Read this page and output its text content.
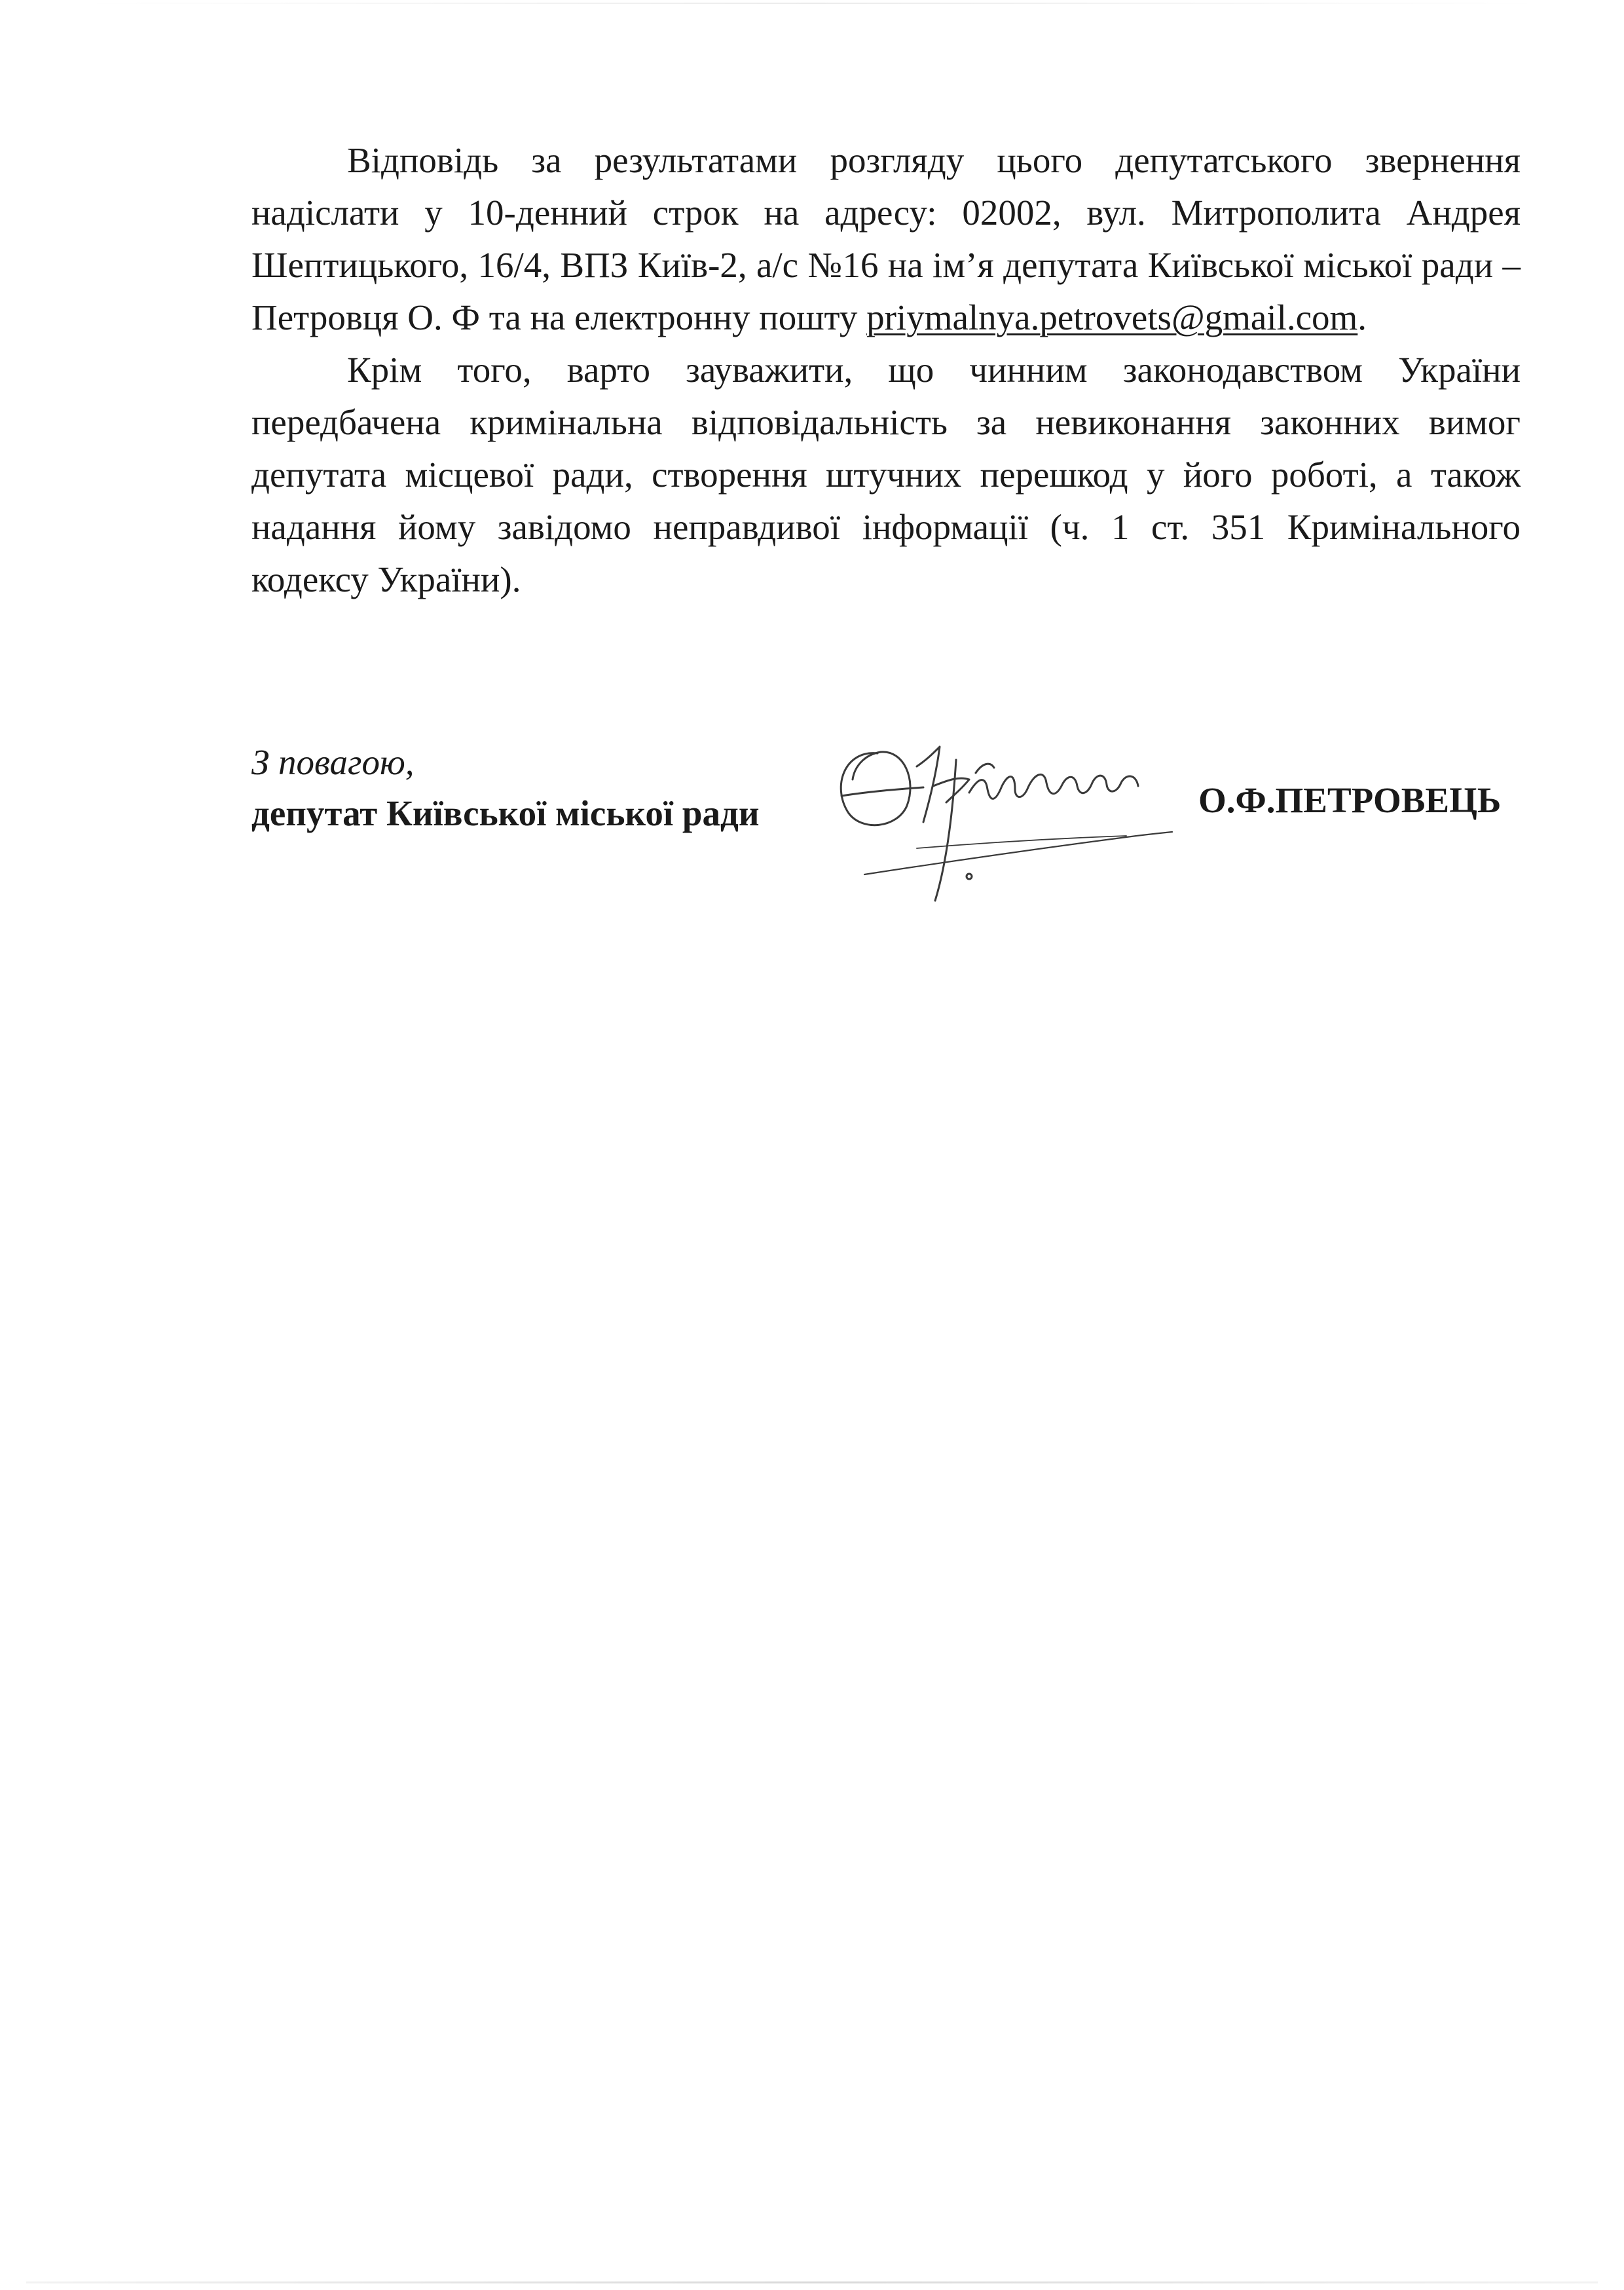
Відповідь за результатами розгляду цього депутатського звернення надіслати у 10-денний строк на адресу: 02002, вул. Митрополита Андрея Шептицького, 16/4, ВПЗ Київ-2, а/с №16 на ім’я депутата Київської міської ради – Петровця О. Ф та на електронну пошту priymalnya.petrovets@gmail.com.

Крім того, варто зауважити, що чинним законодавством України передбачена кримінальна відповідальність за невиконання законних вимог депутата місцевої ради, створення штучних перешкод у його роботі, а також надання йому завідомо неправдивої інформації (ч. 1 ст. 351 Кримінального кодексу України).

З повагою,
депутат Київської міської ради	О.Ф.ПЕТРОВЕЦЬ
